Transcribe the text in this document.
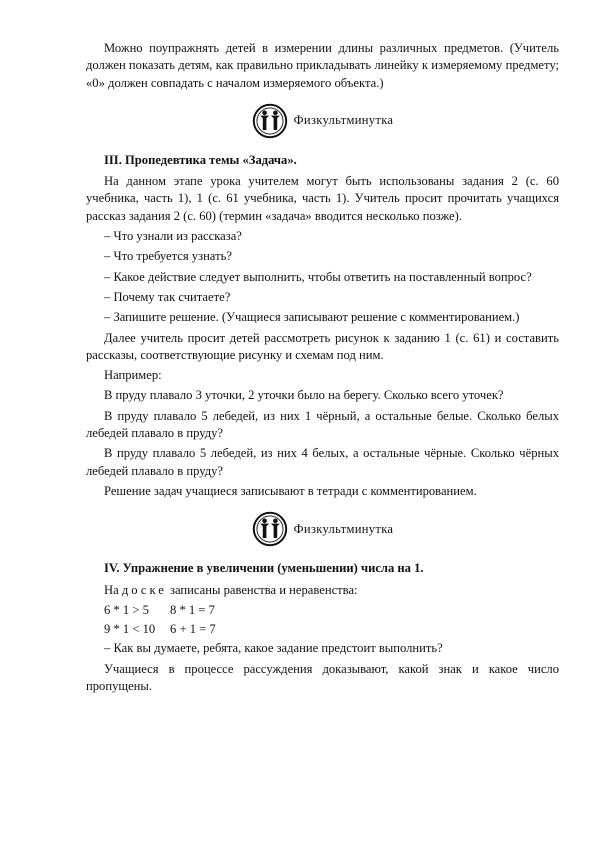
Можно поупражнять детей в измерении длины различных предметов. (Учитель должен показать детям, как правильно прикладывать линейку к измеряемому предмету; «0» должен совпадать с началом измеряемого объекта.)

Физкультминутка

III. Пропедевтика темы «Задача».

На данном этапе урока учителем могут быть использованы задания 2 (с. 60 учебника, часть 1), 1 (с. 61 учебника, часть 1). Учитель просит прочитать учащихся рассказ задания 2 (с. 60) (термин «задача» вводится несколько позже).

– Что узнали из рассказа?

– Что требуется узнать?

– Какое действие следует выполнить, чтобы ответить на поставленный вопрос?

– Почему так считаете?

– Запишите решение. (Учащиеся записывают решение с комментированием.)

Далее учитель просит детей рассмотреть рисунок к заданию 1 (с. 61) и составить рассказы, соответствующие рисунку и схемам под ним.

Например:

В пруду плавало 3 уточки, 2 уточки было на берегу. Сколько всего уточек?

В пруду плавало 5 лебедей, из них 1 чёрный, а остальные белые. Сколько белых лебедей плавало в пруду?

В пруду плавало 5 лебедей, из них 4 белых, а остальные чёрные. Сколько чёрных лебедей плавало в пруду?

Решение задач учащиеся записывают в тетради с комментированием.

Физкультминутка

IV. Упражнение в увеличении (уменьшении) числа на 1.

На доске записаны равенства и неравенства:

6 * 1 > 5	8 * 1 = 7
9 * 1 < 10	6 + 1 = 7

– Как вы думаете, ребята, какое задание предстоит выполнить?

Учащиеся в процессе рассуждения доказывают, какой знак и какое число пропущены.
